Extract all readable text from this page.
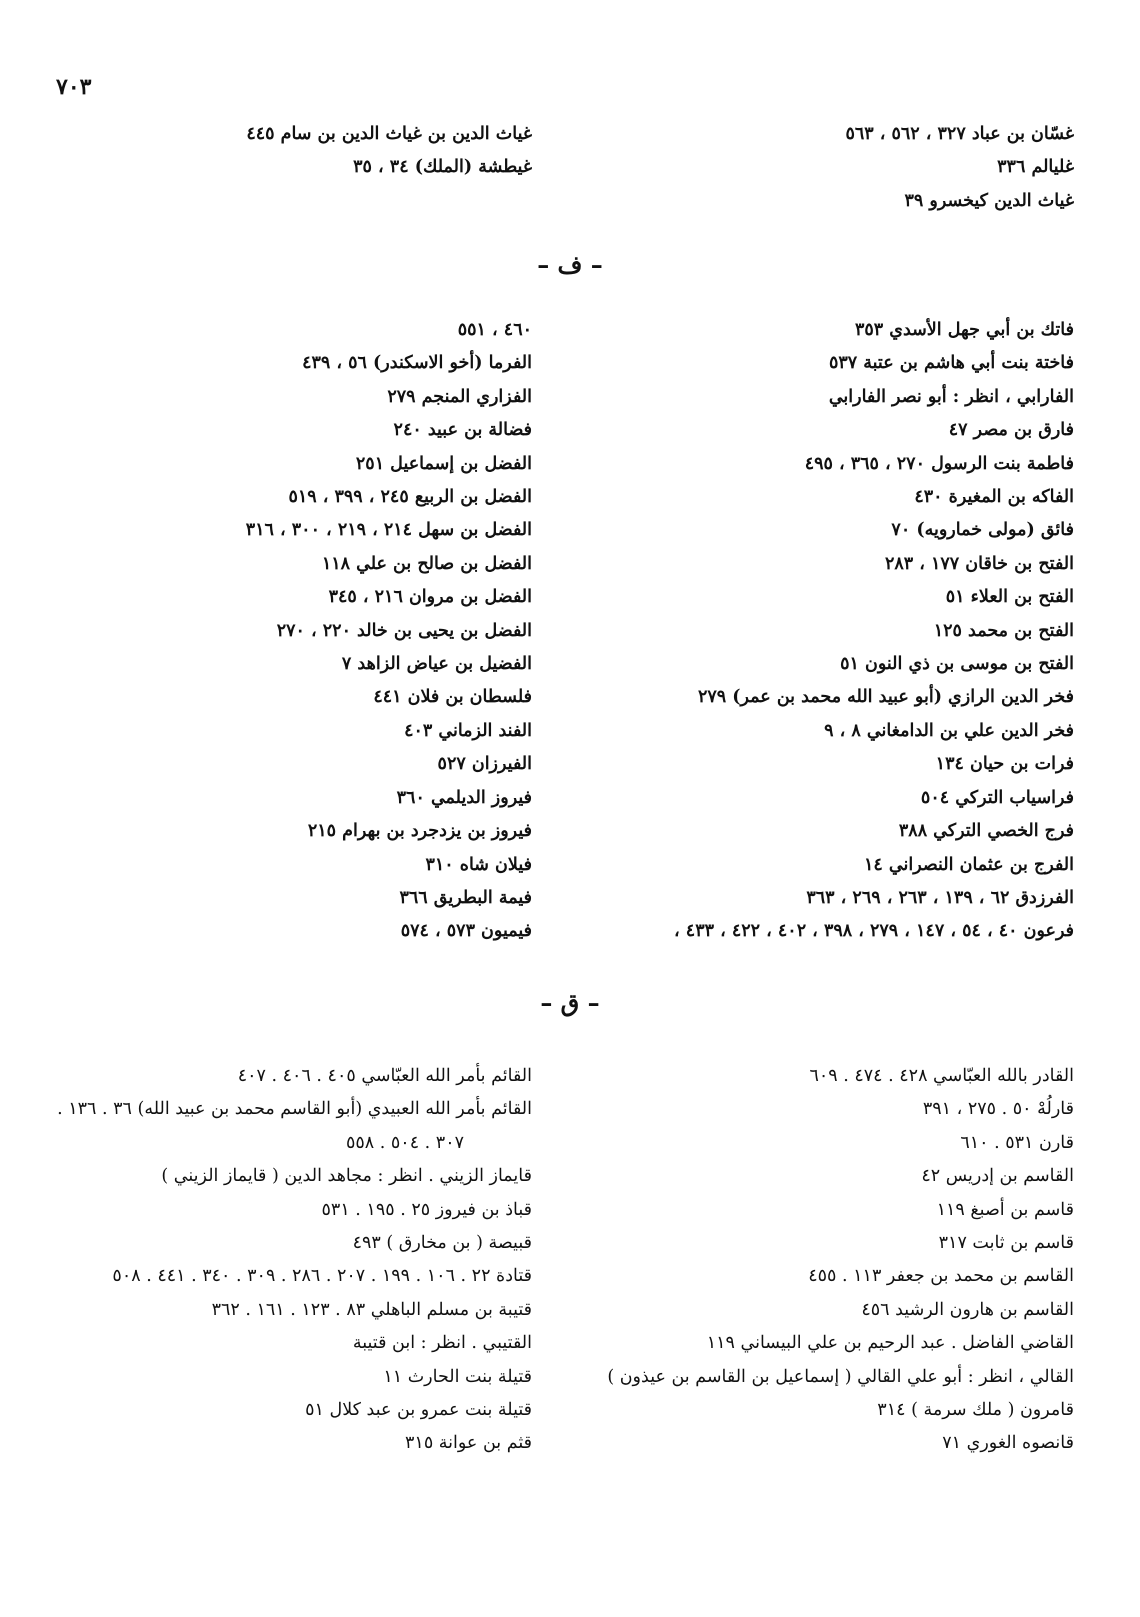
٧٠٣
غسّان بن عباد ٣٢٧ ، ٥٦٢ ، ٥٦٣
غليالم ٣٣٦
غياث الدين كيخسرو ٣٩
غياث الدين بن غياث الدين بن سام ٤٤٥
غيطشة (الملك) ٣٤ ، ٣٥
– ف –
فاتك بن أبي جهل الأسدي ٣٥٣
فاختة بنت أبي هاشم بن عتبة ٥٣٧
الفارابي ، انظر : أبو نصر الفارابي
فارق بن مصر ٤٧
فاطمة بنت الرسول ٢٧٠ ، ٣٦٥ ، ٤٩٥
الفاكه بن المغيرة ٤٣٠
فائق (مولى خمارويه) ٧٠
الفتح بن خاقان ١٧٧ ، ٢٨٣
الفتح بن العلاء ٥١
الفتح بن محمد ١٢٥
الفتح بن موسى بن ذي النون ٥١
فخر الدين الرازي (أبو عبيد الله محمد بن عمر) ٢٧٩
فخر الدين علي بن الدامغاني ٨ ، ٩
فرات بن حيان ١٣٤
فراسياب التركي ٥٠٤
فرج الخصي التركي ٣٨٨
الفرج بن عثمان النصراني ١٤
الفرزدق ٦٢ ، ١٣٩ ، ٢٦٣ ، ٢٦٩ ، ٣٦٣
فرعون ٤٠ ، ٥٤ ، ١٤٧ ، ٢٧٩ ، ٣٩٨ ، ٤٠٢ ، ٤٢٢ ، ٤٣٣ ،
٤٦٠ ، ٥٥١
الفرما (أخو الاسكندر) ٥٦ ، ٤٣٩
الفزاري المنجم ٢٧٩
فضالة بن عبيد ٢٤٠
الفضل بن إسماعيل ٢٥١
الفضل بن الربيع ٢٤٥ ، ٣٩٩ ، ٥١٩
الفضل بن سهل ٢١٤ ، ٢١٩ ، ٣٠٠ ، ٣١٦
الفضل بن صالح بن علي ١١٨
الفضل بن مروان ٢١٦ ، ٣٤٥
الفضل بن يحيى بن خالد ٢٢٠ ، ٢٧٠
الفضيل بن عياض الزاهد ٧
فلسطان بن فلان ٤٤١
الفند الزماني ٤٠٣
الفيرزان ٥٢٧
فيروز الديلمي ٣٦٠
فيروز بن يزدجرد بن بهرام ٢١٥
فيلان شاه ٣١٠
فيمة البطريق ٣٦٦
فيميون ٥٧٣ ، ٥٧٤
– ق –
القادر بالله العبّاسي ٤٢٨ . ٤٧٤ . ٦٠٩
قارلُهْ ٥٠ . ٢٧٥ ، ٣٩١
قارن ٥٣١ . ٦١٠
القاسم بن إدريس ٤٢
قاسم بن أصبغ ١١٩
قاسم بن ثابت ٣١٧
القاسم بن محمد بن جعفر ١١٣ . ٤٥٥
القاسم بن هارون الرشيد ٤٥٦
القاضي الفاضل . عبد الرحيم بن علي البيساني ١١٩
القالي ، انظر : أبو علي القالي ( إسماعيل بن القاسم بن عيذون )
قامرون ( ملك سرمة ) ٣١٤
قانصوه الغوري ٧١
القائم بأمر الله العبّاسي ٤٠٥ . ٤٠٦ . ٤٠٧
القائم بأمر الله العبيدي (أبو القاسم محمد بن عبيد الله) ٣٦ . ١٣٦ .
٣٠٧ . ٥٠٤ . ٥٥٨
قايماز الزيني . انظر : مجاهد الدين ( قايماز الزيني )
قباذ بن فيروز ٢٥ . ١٩٥ . ٥٣١
قبيصة ( بن مخارق ) ٤٩٣
قتادة ٢٢ . ١٠٦ . ١٩٩ . ٢٠٧ . ٢٨٦ . ٣٠٩ . ٣٤٠ . ٤٤١ . ٥٠٨
قتيبة بن مسلم الباهلي ٨٣ . ١٢٣ . ١٦١ . ٣٦٢
القتيبي . انظر : ابن قتيبة
قتيلة بنت الحارث ١١
قتيلة بنت عمرو بن عبد كلال ٥١
قثم بن عوانة ٣١٥
